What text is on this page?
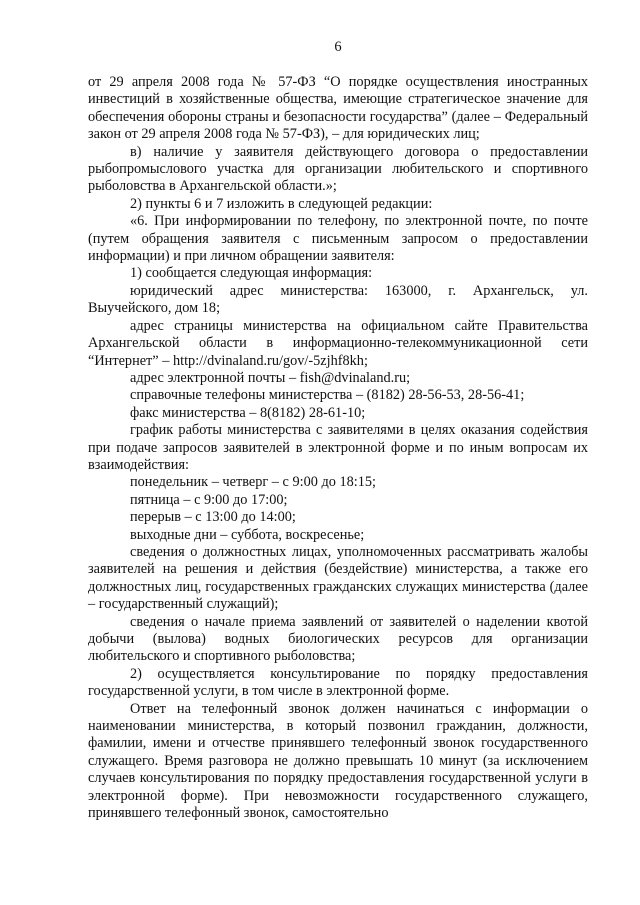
6

от 29 апреля 2008 года № 57-ФЗ “О порядке осуществления иностранных инвестиций в хозяйственные общества, имеющие стратегическое значение для обеспечения обороны страны и безопасности государства” (далее – Федеральный закон от 29 апреля 2008 года № 57-ФЗ), – для юридических лиц;

в) наличие у заявителя действующего договора о предоставлении рыбопромыслового участка для организации любительского и спортивного рыболовства в Архангельской области.»;

2) пункты 6 и 7 изложить в следующей редакции:

«6. При информировании по телефону, по электронной почте, по почте (путем обращения заявителя с письменным запросом о предоставлении информации) и при личном обращении заявителя:

1) сообщается следующая информация:

юридический адрес министерства: 163000, г. Архангельск, ул. Выучейского, дом 18;

адрес страницы министерства на официальном сайте Правительства Архангельской области в информационно-телекоммуникационной сети “Интернет” – http://dvinaland.ru/gov/-5zjhf8kh;

адрес электронной почты – fish@dvinaland.ru;

справочные телефоны министерства – (8182) 28-56-53, 28-56-41;

факс министерства – 8(8182) 28-61-10;

график работы министерства с заявителями в целях оказания содействия при подаче запросов заявителей в электронной форме и по иным вопросам их взаимодействия:

понедельник – четверг – с 9:00 до 18:15;

пятница – с 9:00 до 17:00;

перерыв – с 13:00 до 14:00;

выходные дни – суббота, воскресенье;

сведения о должностных лицах, уполномоченных рассматривать жалобы заявителей на решения и действия (бездействие) министерства, а также его должностных лиц, государственных гражданских служащих министерства (далее – государственный служащий);

сведения о начале приема заявлений от заявителей о наделении квотой добычи (вылова) водных биологических ресурсов для организации любительского и спортивного рыболовства;

2) осуществляется консультирование по порядку предоставления государственной услуги, в том числе в электронной форме.

Ответ на телефонный звонок должен начинаться с информации о наименовании министерства, в который позвонил гражданин, должности, фамилии, имени и отчестве принявшего телефонный звонок государственного служащего. Время разговора не должно превышать 10 минут (за исключением случаев консультирования по порядку предоставления государственной услуги в электронной форме). При невозможности государственного служащего, принявшего телефонный звонок, самостоятельно
